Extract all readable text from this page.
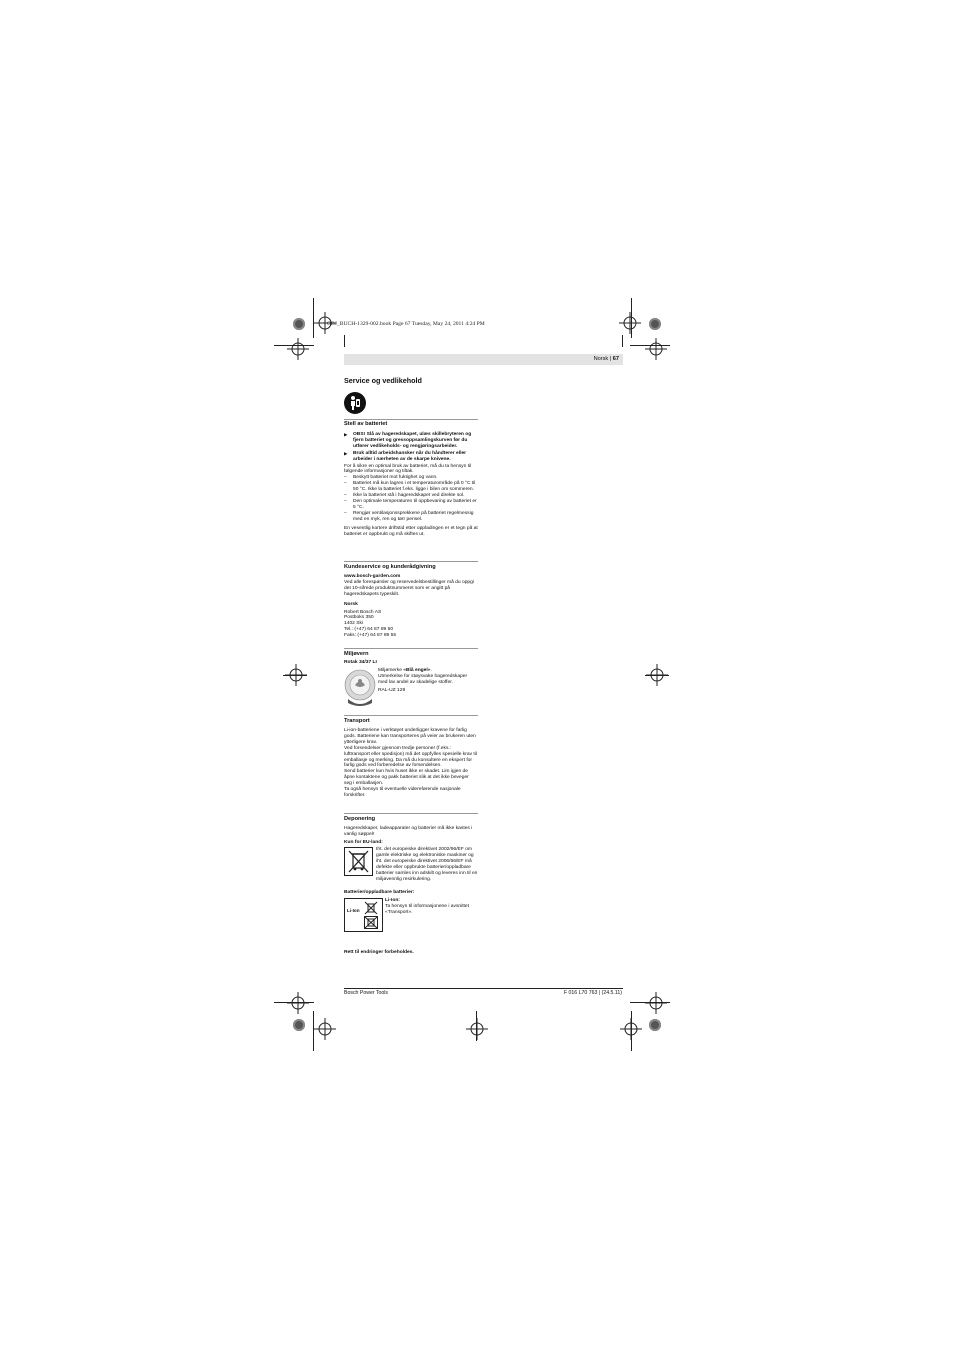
OBJ_BUCH-1329-002.book Page 67 Tuesday, May 24, 2011 4:24 PM
Norsk | 67
Service og vedlikehold
Stell av batteriet
▶ OBS! Slå av hageredskapet, ulæs skillebryteren og fjern batteriet og gressoppsamlingskurven før du utfører vedlikeholds- og rengjøringsarbeider.
▶ Bruk alltid arbeidshansker når du håndterer eller arbeider i nærheten av de skarpe knivene.
For å sikre en optimal bruk av batteriet, må du ta hensyn til følgende informasjoner og tiltak.
– Beskytt batteriet mot fuktighet og vann.
– Batteriet må kun lagres i et temperaturområde på 0 °C til 50 °C. Ikke la batteriet f.eks. ligge i bilen om sommeren.
– Ikke la batteriet stå i hageredskapet ved direkte sol.
– Den optimale temperaturen til oppbevaring av batteriet er 5 °C.
– Rengjør ventilasjonssprekkene på batteriet regelmessig med en myk, ren og tørr pensel.
En vesentlig kortere driftstid etter oppladingen er et tegn på at batteriet er oppbrukt og må skiftes ut.
Kundeservice og kunderådgivning
www.bosch-garden.com
Ved alle forespørsler og reservedelsbestillinger må du oppgi det 10-sifrede produktnummeret som er angitt på hageredskapets typeskilt.
Norsk
Robert Bosch AS
Postboks 350
1402 Ski
Tel.: (+47) 64 87 89 50
Faks: (+47) 64 87 89 55
Miljøvern
Rotak 34/37 LI
Miljømerke «Blå engel».
Utmerkelse for støysvake hageredskaper med lav andel av skadelige stoffer.
RAL-UZ 129
Transport
Li-ion-batteriene i verktøyet underligger kravene for farlig gods. Batteriene kan transporteres på veier av brukeren uten ytterligere krav.
Ved forsendelser gjennom tredje personer (f.eks.: lufttransport eller spedisjon) må det oppfylles spesielle krav til emballasje og merking. Da må du konsultere en ekspert for farlig gods ved forberedelse av forsendelsen.
Send batterier kun hvis huset ikke er skadet. Lim igjen de åpne kontaktene og pakk batteriet slik at det ikke beveger seg i emballasjen.
Ta også hensyn til eventuelle videreførende nasjonale forskrifter.
Deponering
Hageredskaper, ladeapparater og batterier må ikke kastes i vanlig søppel!
Kun for EU-land:
Iht. det europeiske direktivet 2002/96/EF om gamle elektriske og elektroniske maskiner og iht. det europeiske direktivet 2006/66/EF må defekte eller oppbrukte batterier/oppladbare batterier samles inn adskilt og leveres inn til en miljøvennlig resirkulering.
Batterier/oppladbare batterier:
Li-Ion
Li-Ion:
Ta hensyn til informasjonene i avsnittet «Transport».
Rett til endringer forbeholdes.
Bosch Power Tools	F 016 L70 763 | (24.5.11)
